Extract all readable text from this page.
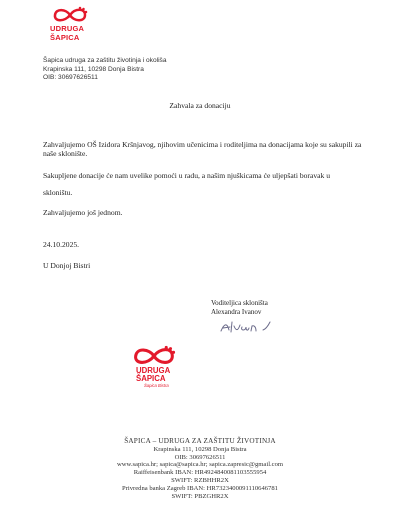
UDRUGA
ŠAPICA
Šapica udruga za zaštitu životinja i okoliša
Krapinska 111, 10298 Donja Bistra
OIB: 30697626511
Zahvala za donaciju
Zahvaljujemo OŠ Izidora Kršnjavog, njihovim učenicima i roditeljima na donacijama koje su sakupili za naše sklonište.
Sakupljene donacije će nam uvelike pomoći u radu, a našim njuškicama će uljepšati boravak u
skloništu.
Zahvaljujemo još jednom.
24.10.2025.
U Donjoj Bistri
Voditeljica skloništa
Alexandra Ivanov
UDRUGA
ŠAPICA
Šapica Bistra
ŠAPICA – UDRUGA ZA ZAŠTITU ŽIVOTINJA
Krapinska 111, 10298 Donja Bistra
OIB: 30697626511
www.sapica.hr; sapica@sapica.hr; sapica.zapresic@gmail.com
Raiffeisenbank IBAN: HR4924840081103555954
SWIFT: RZBHHR2X
Privredna banka Zagreb IBAN: HR7323400091110646781
SWIFT: PBZGHR2X
